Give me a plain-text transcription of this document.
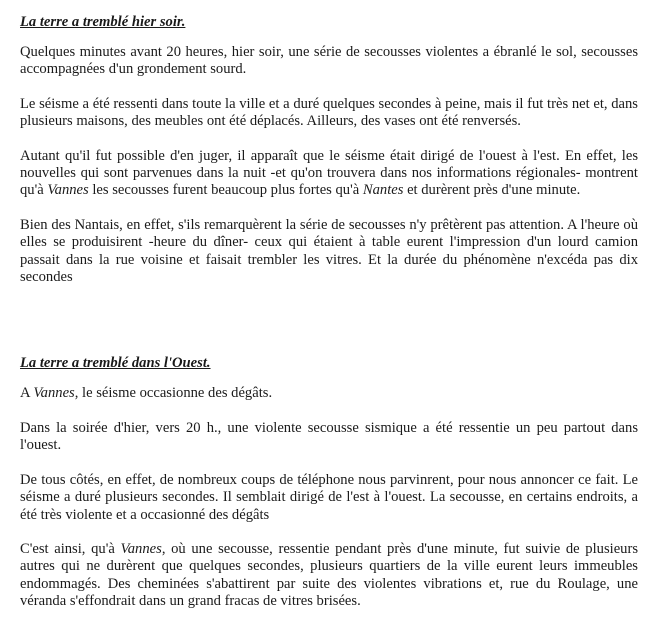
La terre a tremblé hier soir.

Quelques minutes avant 20 heures, hier soir, une série de secousses violentes a ébranlé le sol, secousses accompagnées d'un grondement sourd.

Le séisme a été ressenti dans toute la ville et a duré quelques secondes à peine, mais il fut très net et, dans plusieurs maisons, des meubles ont été déplacés. Ailleurs, des vases ont été renversés.

Autant qu'il fut possible d'en juger, il apparaît que le séisme était dirigé de l'ouest à l'est. En effet, les nouvelles qui sont parvenues dans la nuit -et qu'on trouvera dans nos informations régionales- montrent qu'à Vannes les secousses furent beaucoup plus fortes qu'à Nantes et durèrent près d'une minute.

Bien des Nantais, en effet, s'ils remarquèrent la série de secousses n'y prêtèrent pas attention. A l'heure où elles se produisirent -heure du dîner- ceux qui étaient à table eurent l'impression d'un lourd camion passait dans la rue voisine et faisait trembler les vitres. Et la durée du phénomène n'excéda pas dix secondes

La terre a tremblé dans l'Ouest.

A Vannes, le séisme occasionne des dégâts.

Dans la soirée d'hier, vers 20 h., une violente secousse sismique a été ressentie un peu partout dans l'ouest.

De tous côtés, en effet, de nombreux coups de téléphone nous parvinrent, pour nous annoncer ce fait. Le séisme a duré plusieurs secondes. Il semblait dirigé de l'est à l'ouest. La secousse, en certains endroits, a été très violente et a occasionné des dégâts

C'est ainsi, qu'à Vannes, où une secousse, ressentie pendant près d'une minute, fut suivie de plusieurs autres qui ne durèrent que quelques secondes, plusieurs quartiers de la ville eurent leurs immeubles endommagés. Des cheminées s'abattirent par suite des violentes vibrations et, rue du Roulage, une véranda s'effondrait dans un grand fracas de vitres brisées.
